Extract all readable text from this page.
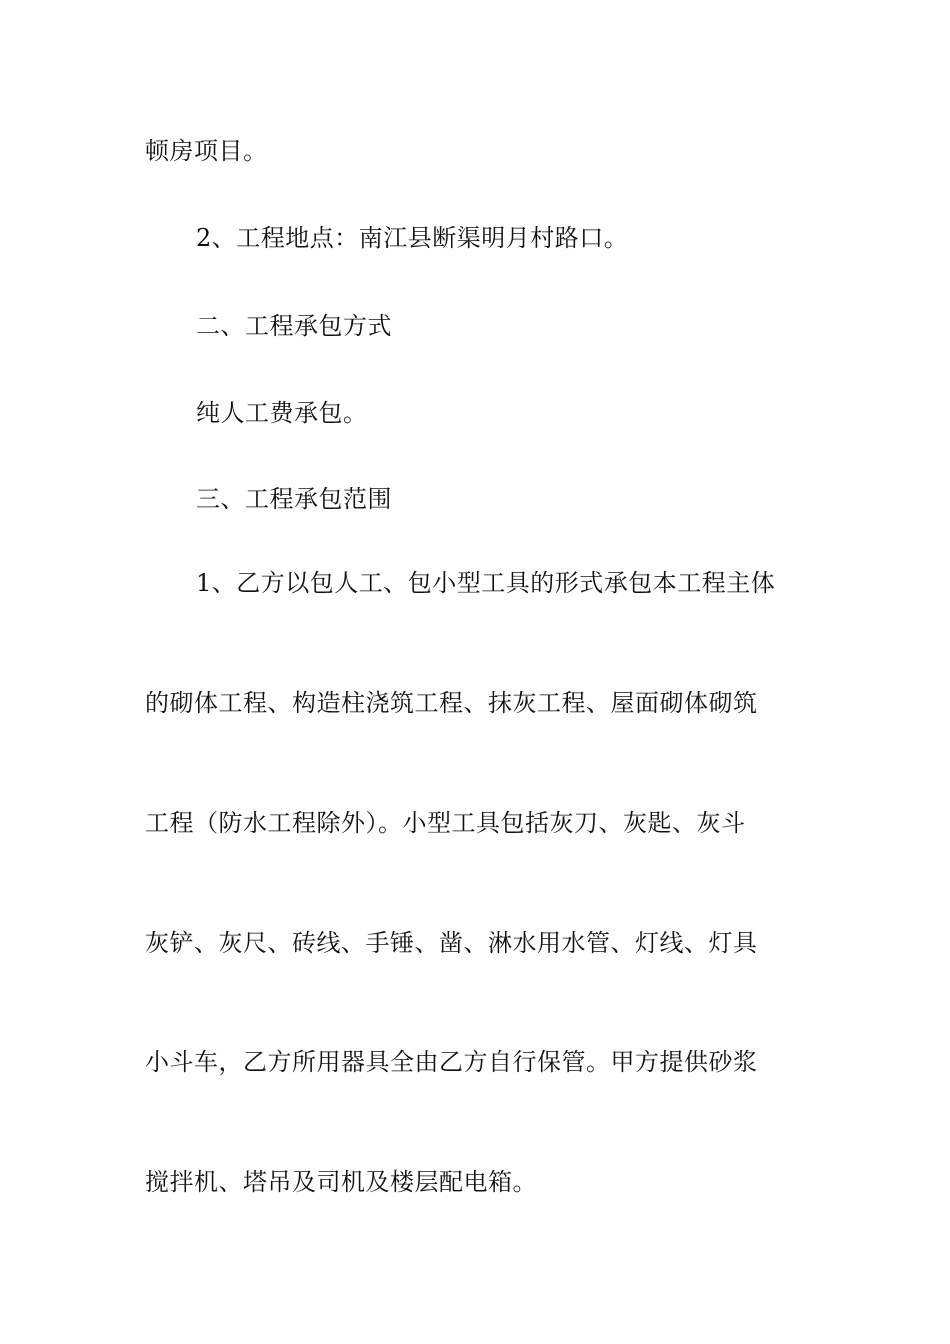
顿房项目。
2、工程地点：南江县断渠明月村路口。
二、工程承包方式
纯人工费承包。
三、工程承包范围
1、乙方以包人工、包小型工具的形式承包本工程主体
的砌体工程、构造柱浇筑工程、抹灰工程、屋面砌体砌筑
工程（防水工程除外）。小型工具包括灰刀、灰匙、灰斗
灰铲、灰尺、砖线、手锤、凿、淋水用水管、灯线、灯具
小斗车，乙方所用器具全由乙方自行保管。甲方提供砂浆
搅拌机、塔吊及司机及楼层配电箱。
